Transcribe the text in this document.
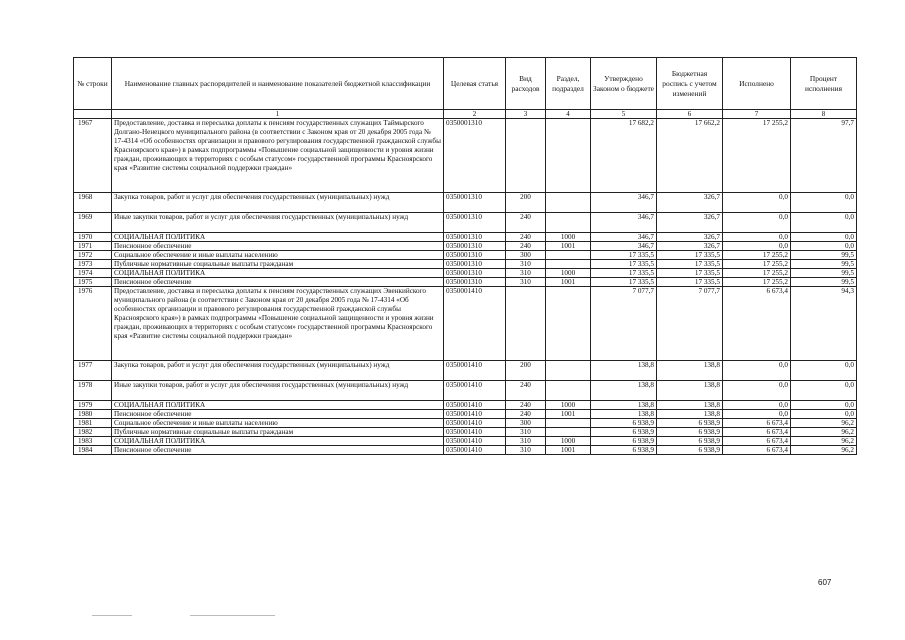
№ строки	Наименование главных распорядителей и наименование показателей бюджетной классификации	Целевая статья	Вид расходов	Раздел, подраздел	Утверждено Законом о бюджете	Бюджетная роспись с учетом изменений	Исполнено	Процент исполнения
	1	2	3	4	5	6	7	8
1967	Предоставление, доставка и пересылка доплаты к пенсиям государственных служащих Таймырского Долгано-Ненецкого муниципального района (в соответствии с Законом края от 20 декабря 2005 года № 17-4314 «Об особенностях организации и правового регулирования государственной гражданской службы Красноярского края») в рамках подпрограммы «Повышение социальной защищенности и уровня жизни граждан, проживающих в территориях с особым статусом» государственной программы Красноярского края «Развитие системы социальной поддержки граждан»	0350001310			17 682,2	17 662,2	17 255,2	97,7
1968	Закупка товаров, работ и услуг для обеспечения государственных (муниципальных) нужд	0350001310	200		346,7	326,7	0,0	0,0
1969	Иные закупки товаров, работ и услуг для обеспечения государственных (муниципальных) нужд	0350001310	240		346,7	326,7	0,0	0,0
1970	СОЦИАЛЬНАЯ ПОЛИТИКА	0350001310	240	1000	346,7	326,7	0,0	0,0
1971	Пенсионное обеспечение	0350001310	240	1001	346,7	326,7	0,0	0,0
1972	Социальное обеспечение и иные выплаты населению	0350001310	300		17 335,5	17 335,5	17 255,2	99,5
1973	Публичные нормативные социальные выплаты гражданам	0350001310	310		17 335,5	17 335,5	17 255,2	99,5
1974	СОЦИАЛЬНАЯ ПОЛИТИКА	0350001310	310	1000	17 335,5	17 335,5	17 255,2	99,5
1975	Пенсионное обеспечение	0350001310	310	1001	17 335,5	17 335,5	17 255,2	99,5
1976	Предоставление, доставка и пересылка доплаты к пенсиям государственных служащих Эвенкийского муниципального района (в соответствии с Законом края от 20 декабря 2005 года № 17-4314 «Об особенностях организации и правового регулирования государственной гражданской службы Красноярского края») в рамках подпрограммы «Повышение социальной защищенности и уровня жизни граждан, проживающих в территориях с особым статусом» государственной программы Красноярского края «Развитие системы социальной поддержки граждан»	0350001410			7 077,7	7 077,7	6 673,4	94,3
1977	Закупка товаров, работ и услуг для обеспечения государственных (муниципальных) нужд	0350001410	200		138,8	138,8	0,0	0,0
1978	Иные закупки товаров, работ и услуг для обеспечения государственных (муниципальных) нужд	0350001410	240		138,8	138,8	0,0	0,0
1979	СОЦИАЛЬНАЯ ПОЛИТИКА	0350001410	240	1000	138,8	138,8	0,0	0,0
1980	Пенсионное обеспечение	0350001410	240	1001	138,8	138,8	0,0	0,0
1981	Социальное обеспечение и иные выплаты населению	0350001410	300		6 938,9	6 938,9	6 673,4	96,2
1982	Публичные нормативные социальные выплаты гражданам	0350001410	310		6 938,9	6 938,9	6 673,4	96,2
1983	СОЦИАЛЬНАЯ ПОЛИТИКА	0350001410	310	1000	6 938,9	6 938,9	6 673,4	96,2
1984	Пенсионное обеспечение	0350001410	310	1001	6 938,9	6 938,9	6 673,4	96,2
607
